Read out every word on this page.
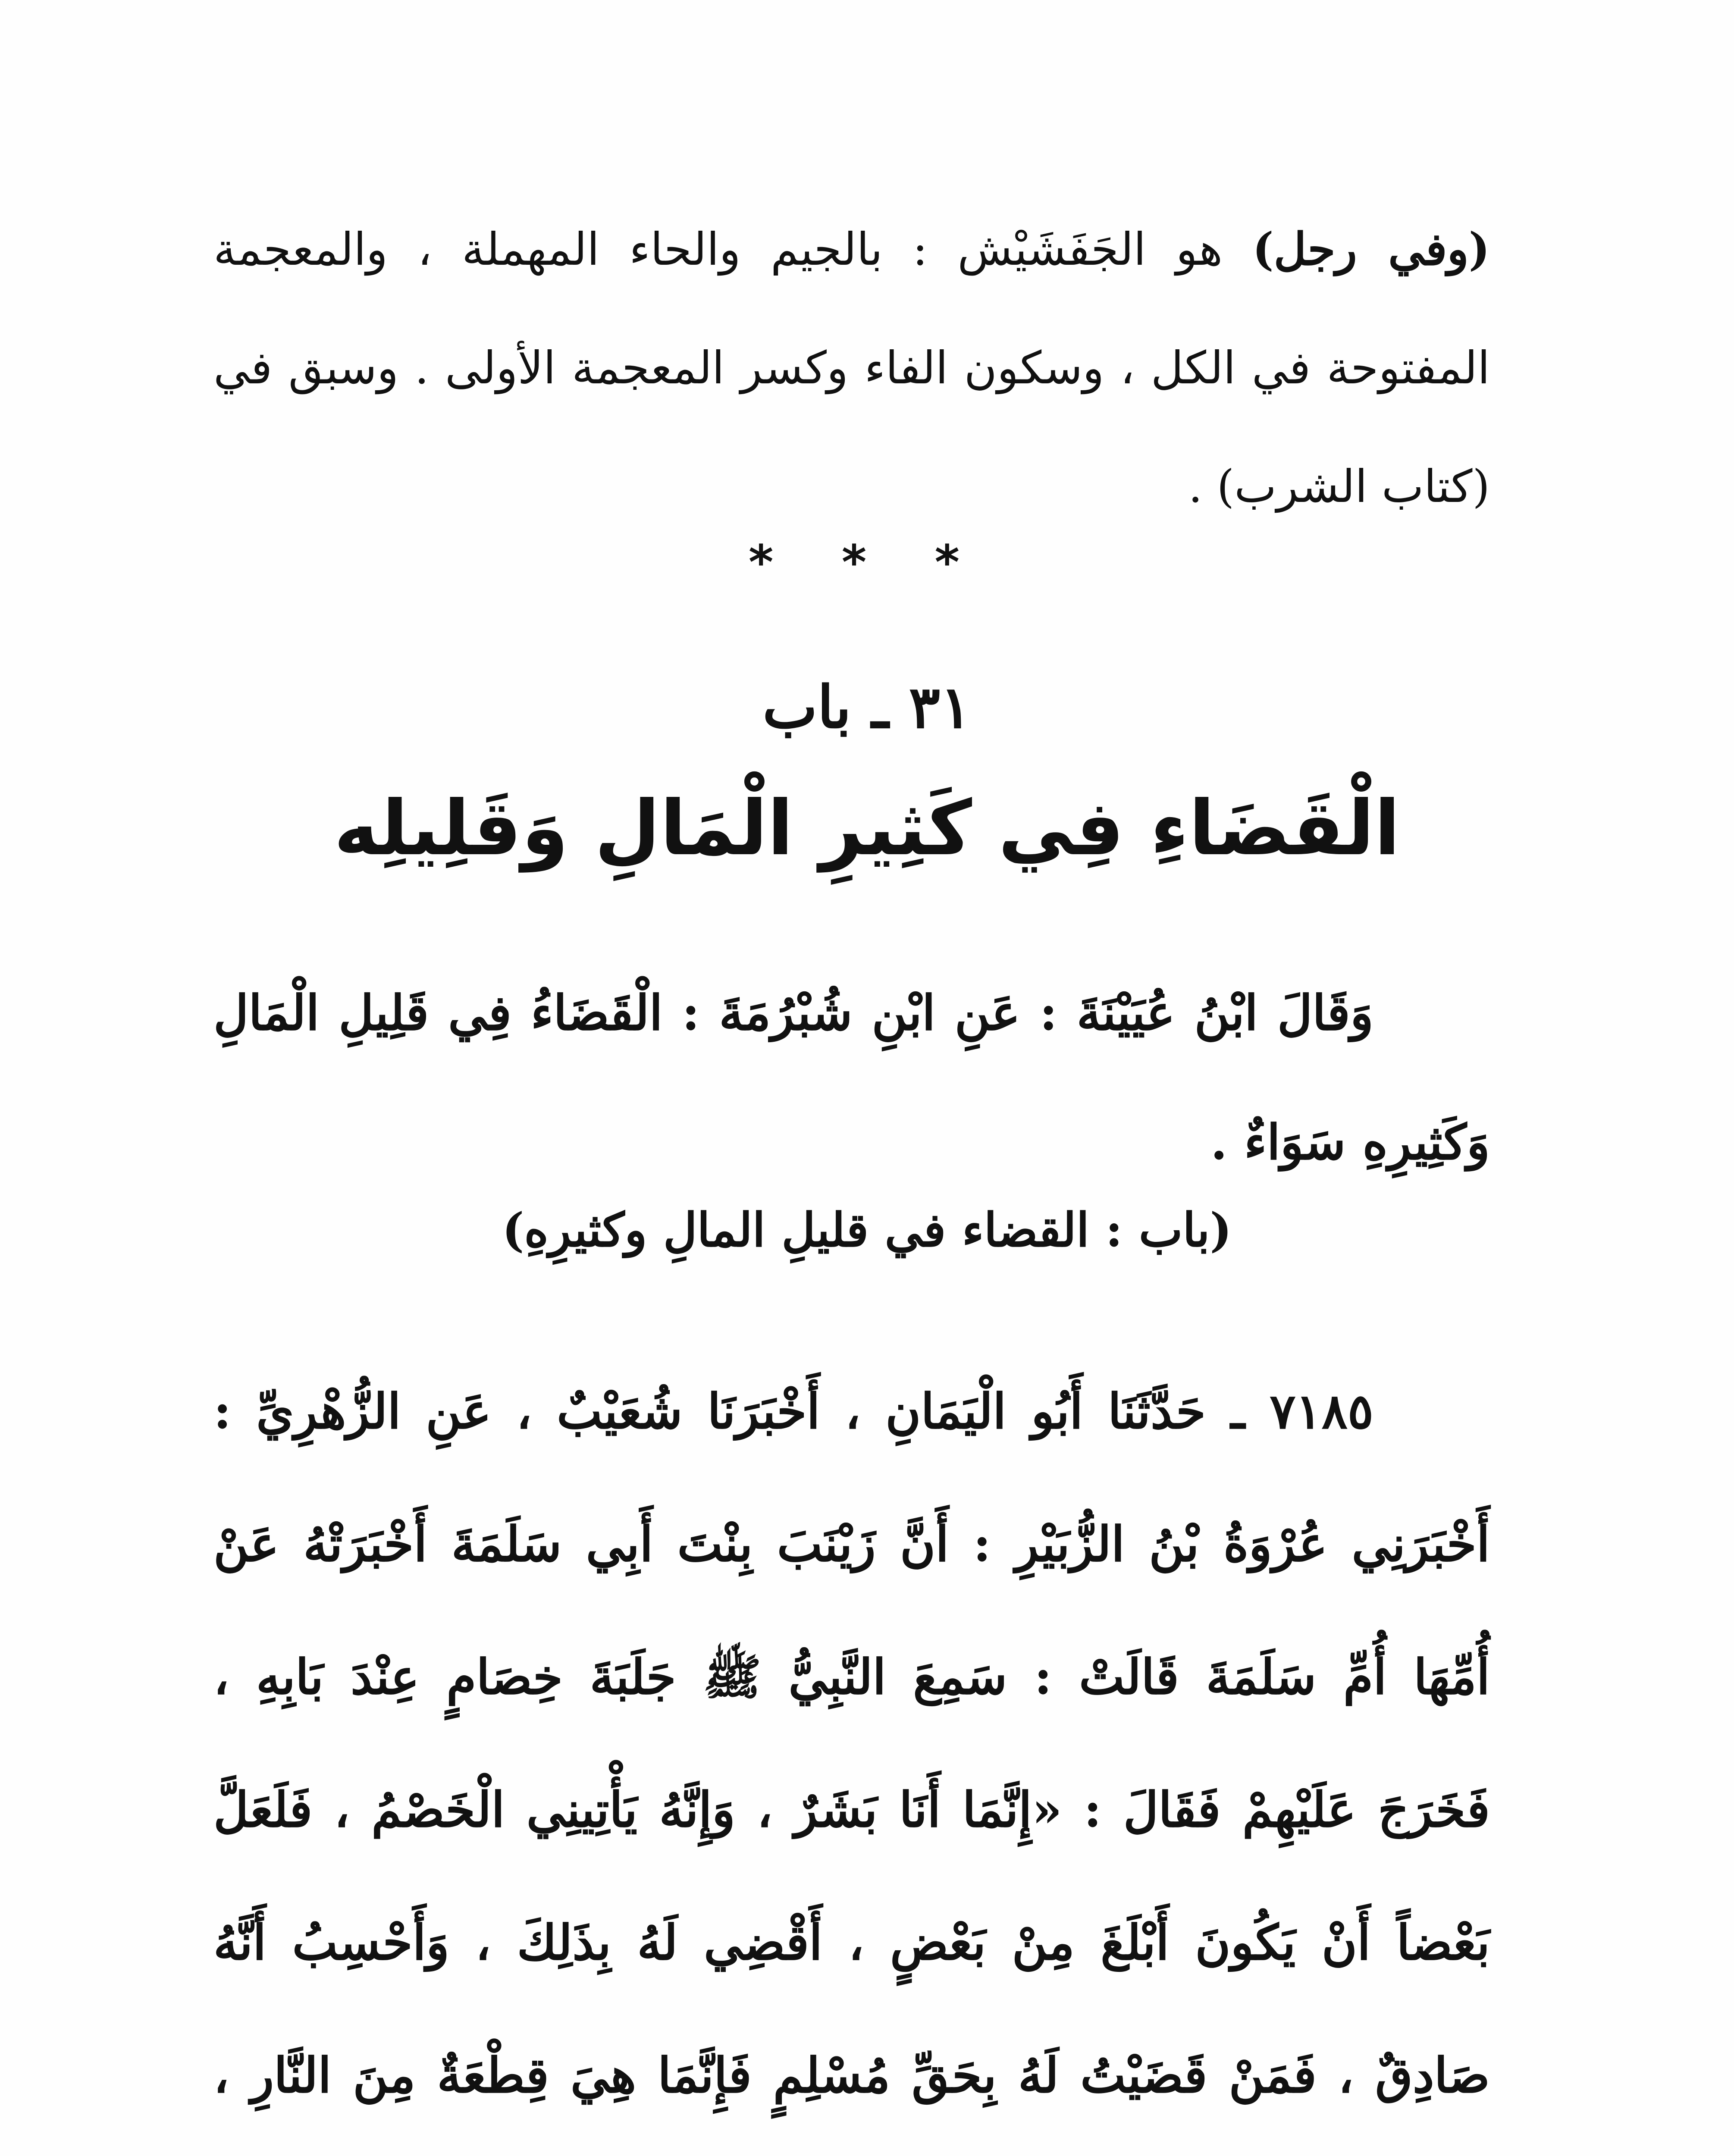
(وفي رجل) هو الجَفَشَيْش : بالجيم والحاء المهملة ، والمعجمة المفتوحة في الكل ، وسكون الفاء وكسر المعجمة الأولى . وسبق في (كتاب الشرب) .
* * *
٣١ ـ باب
الْقَضَاءِ فِي كَثِيرِ الْمَالِ وَقَلِيلِه
وَقَالَ ابْنُ عُيَيْنَةَ : عَنِ ابْنِ شُبْرُمَةَ : الْقَضَاءُ فِي قَلِيلِ الْمَالِ وَكَثِيرِهِ سَوَاءٌ .
(باب : القضاء في قليلِ المالِ وكثيرِهِ)
٧١٨٥ ـ حَدَّثَنَا أَبُو الْيَمَانِ ، أَخْبَرَنَا شُعَيْبٌ ، عَنِ الزُّهْرِيِّ : أَخْبَرَنِي عُرْوَةُ بْنُ الزُّبَيْرِ : أَنَّ زَيْنَبَ بِنْتَ أَبِي سَلَمَةَ أَخْبَرَتْهُ عَنْ أُمِّهَا أُمِّ سَلَمَةَ قَالَتْ : سَمِعَ النَّبِيُّ ﷺ جَلَبَةَ خِصَامٍ عِنْدَ بَابِهِ ، فَخَرَجَ عَلَيْهِمْ فَقَالَ : «إِنَّمَا أَنَا بَشَرٌ ، وَإِنَّهُ يَأْتِينِي الْخَصْمُ ، فَلَعَلَّ بَعْضاً أَنْ يَكُونَ أَبْلَغَ مِنْ بَعْضٍ ، أَقْضِي لَهُ بِذَلِكَ ، وَأَحْسِبُ أَنَّهُ صَادِقٌ ، فَمَنْ قَضَيْتُ لَهُ بِحَقِّ مُسْلِمٍ فَإِنَّمَا هِيَ قِطْعَةٌ مِنَ النَّارِ ،
